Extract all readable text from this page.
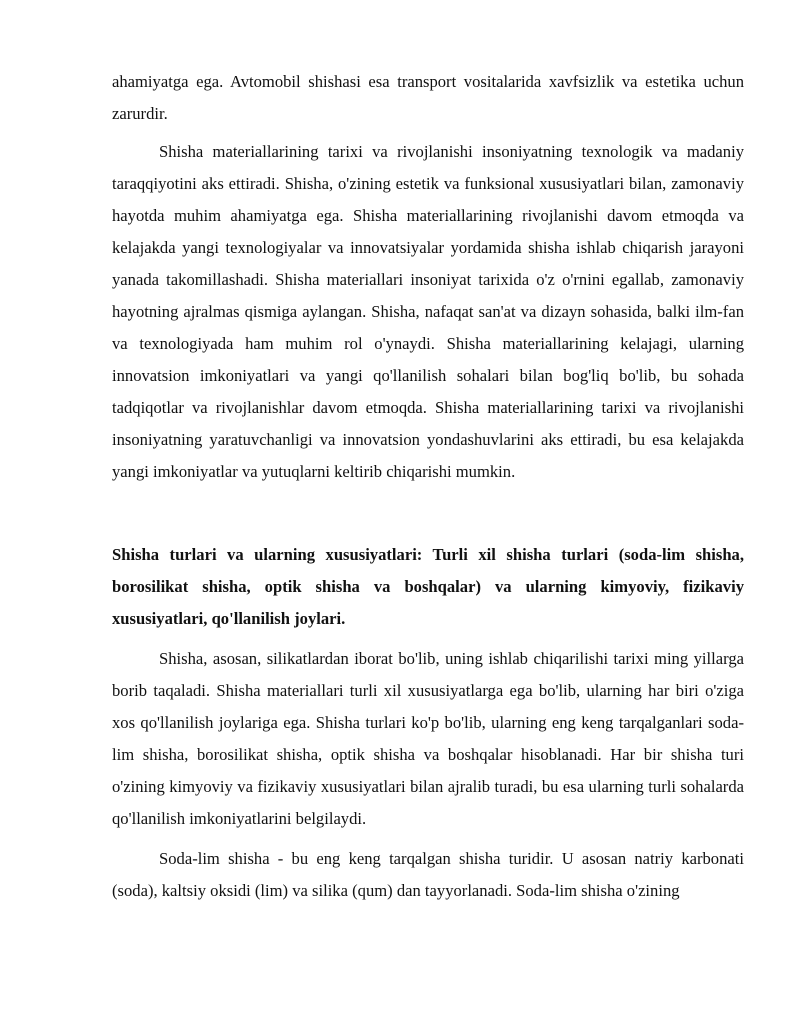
ahamiyatga ega. Avtomobil shishasi esa transport vositalarida xavfsizlik va estetika uchun zarurdir.

Shisha materiallarining tarixi va rivojlanishi insoniyatning texnologik va madaniy taraqqiyotini aks ettiradi. Shisha, o'zining estetik va funksional xususiyatlari bilan, zamonaviy hayotda muhim ahamiyatga ega. Shisha materiallarining rivojlanishi davom etmoqda va kelajakda yangi texnologiyalar va innovatsiyalar yordamida shisha ishlab chiqarish jarayoni yanada takomillashadi. Shisha materiallari insoniyat tarixida o'z o'rnini egallab, zamonaviy hayotning ajralmas qismiga aylangan. Shisha, nafaqat san'at va dizayn sohasida, balki ilm-fan va texnologiyada ham muhim rol o'ynaydi. Shisha materiallarining kelajagi, ularning innovatsion imkoniyatlari va yangi qo'llanilish sohalari bilan bog'liq bo'lib, bu sohada tadqiqotlar va rivojlanishlar davom etmoqda. Shisha materiallarining tarixi va rivojlanishi insoniyatning yaratuvchanligi va innovatsion yondashuvlarini aks ettiradi, bu esa kelajakda yangi imkoniyatlar va yutuqlarni keltirib chiqarishi mumkin.

Shisha turlari va ularning xususiyatlari: Turli xil shisha turlari (soda-lim shisha, borosilikat shisha, optik shisha va boshqalar) va ularning kimyoviy, fizikaviy xususiyatlari, qo'llanilish joylari.

Shisha, asosan, silikatlardan iborat bo'lib, uning ishlab chiqarilishi tarixi ming yillarga borib taqaladi. Shisha materiallari turli xil xususiyatlarga ega bo'lib, ularning har biri o'ziga xos qo'llanilish joylariga ega. Shisha turlari ko'p bo'lib, ularning eng keng tarqalganlari soda-lim shisha, borosilikat shisha, optik shisha va boshqalar hisoblanadi. Har bir shisha turi o'zining kimyoviy va fizikaviy xususiyatlari bilan ajralib turadi, bu esa ularning turli sohalarda qo'llanilish imkoniyatlarini belgilaydi.

Soda-lim shisha - bu eng keng tarqalgan shisha turidir. U asosan natriy karbonati (soda), kaltsiy oksidi (lim) va silika (qum) dan tayyorlanadi. Soda-lim shisha o'zining
